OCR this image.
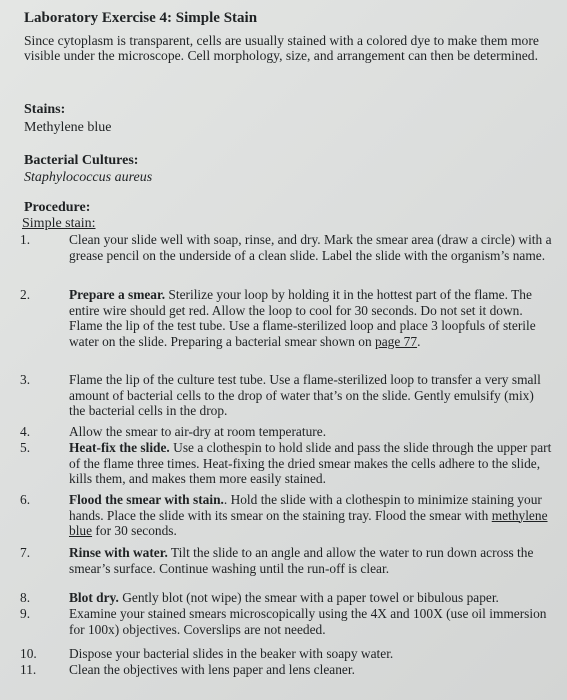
Laboratory Exercise 4: Simple Stain
Since cytoplasm is transparent, cells are usually stained with a colored dye to make them more visible under the microscope. Cell morphology, size, and arrangement can then be determined.
Stains:
Methylene blue
Bacterial Cultures:
Staphylococcus aureus
Procedure:
Simple stain:
1.	Clean your slide well with soap, rinse, and dry. Mark the smear area (draw a circle) with a grease pencil on the underside of a clean slide. Label the slide with the organism’s name.
2.	Prepare a smear. Sterilize your loop by holding it in the hottest part of the flame. The entire wire should get red. Allow the loop to cool for 30 seconds. Do not set it down. Flame the lip of the test tube. Use a flame-sterilized loop and place 3 loopfuls of sterile water on the slide. Preparing a bacterial smear shown on page 77.
3.	Flame the lip of the culture test tube. Use a flame-sterilized loop to transfer a very small amount of bacterial cells to the drop of water that’s on the slide. Gently emulsify (mix) the bacterial cells in the drop.
4.	Allow the smear to air-dry at room temperature.
5.	Heat-fix the slide. Use a clothespin to hold slide and pass the slide through the upper part of the flame three times. Heat-fixing the dried smear makes the cells adhere to the slide, kills them, and makes them more easily stained.
6.	Flood the smear with stain.. Hold the slide with a clothespin to minimize staining your hands. Place the slide with its smear on the staining tray. Flood the smear with methylene blue for 30 seconds.
7.	Rinse with water. Tilt the slide to an angle and allow the water to run down across the smear’s surface. Continue washing until the run-off is clear.
8.	Blot dry. Gently blot (not wipe) the smear with a paper towel or bibulous paper.
9.	Examine your stained smears microscopically using the 4X and 100X (use oil immersion for 100x) objectives. Coverslips are not needed.
10.	Dispose your bacterial slides in the beaker with soapy water.
11.	Clean the objectives with lens paper and lens cleaner.
